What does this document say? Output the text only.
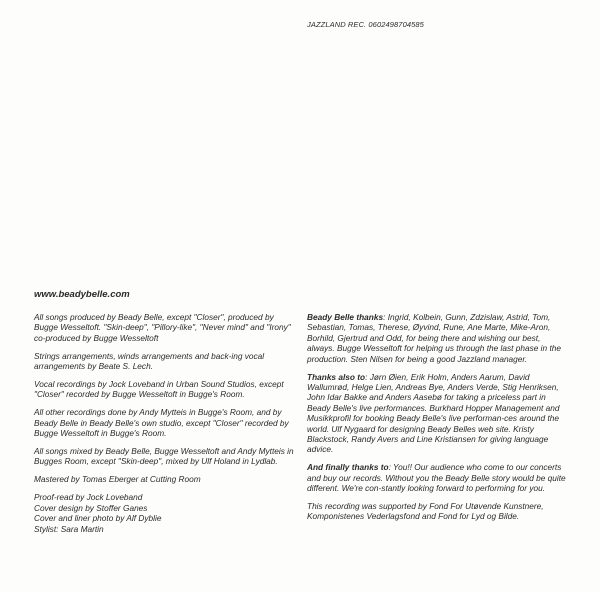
JAZZLAND REC. 0602498704585
www.beadybelle.com

All songs produced by Beady Belle, except "Closer", produced by Bugge Wesseltoft. "Skin-deep", "Pillory-like", "Never mind" and "Irony" co-produced by Bugge Wesseltoft

Strings arrangements, winds arrangements and back-ing vocal arrangements by Beate S. Lech.

Vocal recordings by Jock Loveband in Urban Sound Studios, except "Closer" recorded by Bugge Wesseltoft in Bugge's Room.

All other recordings done by Andy Mytteis in Bugge's Room, and by Beady Belle in Beady Belle's own studio, except "Closer" recorded by Bugge Wesseltoft in Bugge's Room.

All songs mixed by Beady Belle, Bugge Wesseltoft and Andy Mytteis in Bugges Room, except "Skin-deep", mixed by Ulf Holand in Lydlab.

Mastered by Tomas Eberger at Cutting Room

Proof-read by Jock Loveband
Cover design by Stoffer Ganes
Cover and liner photo by Alf Dyblie
Stylist: Sara Martin

Beady Belle thanks: Ingrid, Kolbein, Gunn, Zdzislaw, Astrid, Tom, Sebastian, Tomas, Therese, Øyvind, Rune, Ane Marte, Mike-Aron, Borhild, Gjertrud and Odd, for being there and wishing our best, always. Bugge Wesseltoft for helping us through the last phase in the production. Sten Nilsen for being a good Jazzland manager.

Thanks also to: Jørn Øien, Erik Holm, Anders Aarum, David Wallumrød, Helge Lien, Andreas Bye, Anders Verde, Stig Henriksen, John Idar Bakke and Anders Aasebø for taking a priceless part in Beady Belle's live performances. Burkhard Hopper Management and Musikkprofil for booking Beady Belle's live performan-ces around the world. Ulf Nygaard for designing Beady Belles web site. Kristy Blackstock, Randy Avers and Line Kristiansen for giving language advice.

And finally thanks to: You!! Our audience who come to our concerts and buy our records. Without you the Beady Belle story would be quite different. We're con-stantly looking forward to performing for you.

This recording was supported by Fond For Utøvende Kunstnere, Komponistenes Vederlagsfond and Fond for Lyd og Bilde.
